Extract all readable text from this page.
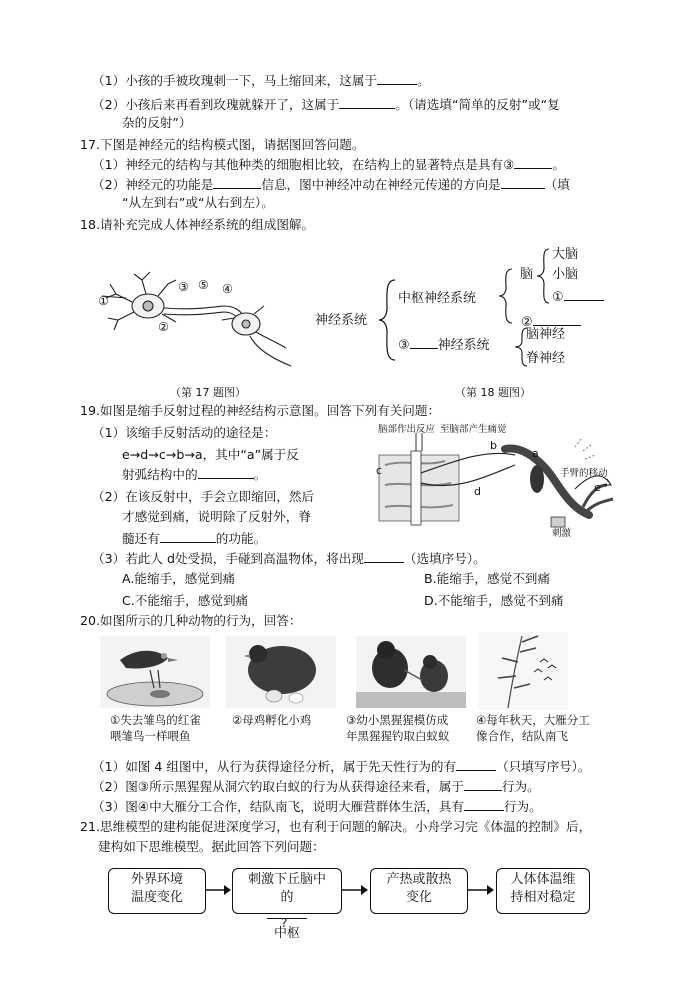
（1）小孩的手被玫瑰刺一下，马上缩回来，这属于	。
（2）小孩后来再看到玫瑰就躲开了，这属于	。（请选填“简单的反射”或“复
杂的反射”）
17.下图是神经元的结构模式图，请据图回答问题。
（1）神经元的结构与其他种类的细胞相比较，在结构上的显著特点是具有③	。
（2）神经元的功能是	信息，图中神经冲动在神经元传递的方向是	（填
“从左到右”或“从右到左）。
18.请补充完成人体神经系统的组成图解。
①
②
③ ⑤ ④
神经系统
中枢神经系统
③ 神经系统
脑
②
大脑
小脑
①
脑神经
脊神经
（第 17 题图）	（第 18 题图）
19.如图是缩手反射过程的神经结构示意图。回答下列有关问题：
（1）该缩手反射活动的途径是：
e→d→c→b→a，其中“a”属于反
射弧结构中的	。
（2）在该反射中，手会立即缩回，然后
才感觉到痛，说明除了反射外，脊
髓还有	的功能。
脑部作出反应 至脑部产生痛觉
手臂的移动
刺激
a
b
c
d	e
（3）若此人 d处受损，手碰到高温物体，将出现	（选填序号）。
A.能缩手，感觉到痛	B.能缩手，感觉不到痛
C.不能缩手，感觉到痛	D.不能缩手，感觉不到痛
20.如图所示的几种动物的行为，回答：
①失去雏鸟的红雀
喂雏鸟一样喂鱼
②母鸡孵化小鸡	③幼小黑猩猩模仿成
年黑猩猩钓取白蚁蚁
④每年秋天，大雁分工
像合作，结队南飞
（1）如图 4 组图中，从行为获得途径分析，属于先天性行为的有	（只填写序号）。
（2）图③所示黑猩猩从洞穴钓取白蚁的行为从获得途径来看，属于	行为。
（3）图④中大雁分工合作，结队南飞，说明大雁营群体生活，具有	行为。
21.思维模型的建构能促进深度学习，也有利于问题的解决。小舟学习完《体温的控制》后，
建构如下思维模型。据此回答下列问题：
外界环境
温度变化
刺激下丘脑中
的
?
中枢
产热或散热
变化
人体体温维
持相对稳定
